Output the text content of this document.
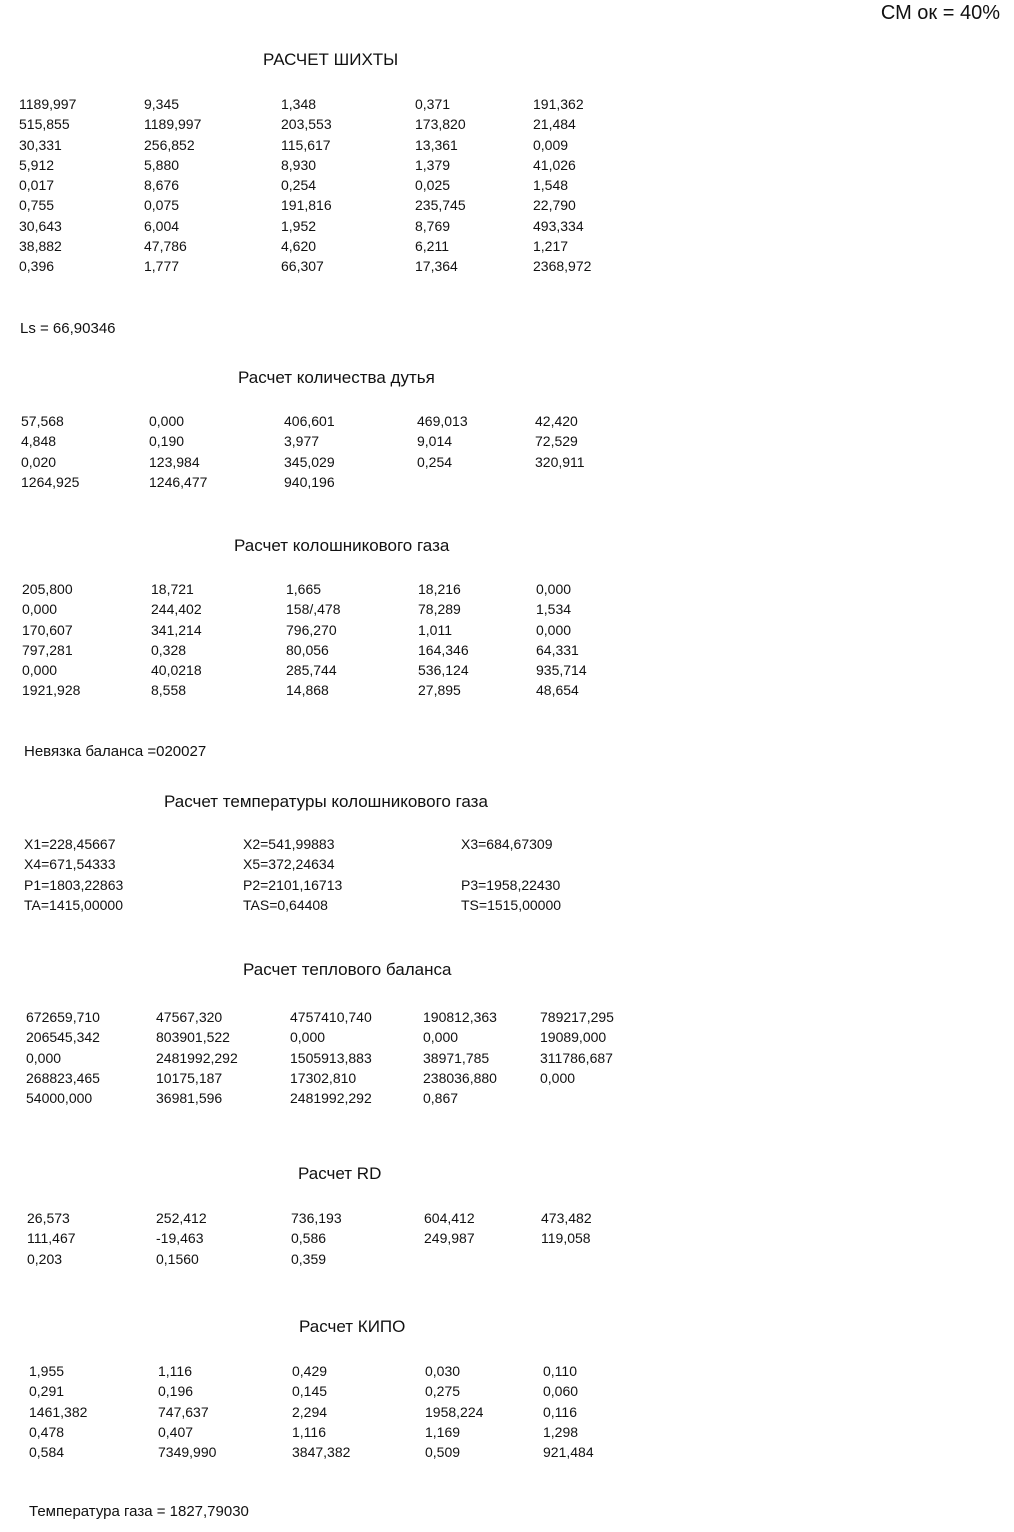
СМ ок = 40%
РАСЧЕТ ШИХТЫ
1189,997	9,345	1,348	0,371	191,362
515,855	1189,997	203,553	173,820	21,484
30,331	256,852	115,617	13,361	0,009
5,912	5,880	8,930	1,379	41,026
0,017	8,676	0,254	0,025	1,548
0,755	0,075	191,816	235,745	22,790
30,643	6,004	1,952	8,769	493,334
38,882	47,786	4,620	6,211	1,217
0,396	1,777	66,307	17,364	2368,972
Ls = 66,90346
Расчет количества дутья
57,568	0,000	406,601	469,013	42,420
4,848	0,190	3,977	9,014	72,529
0,020	123,984	345,029	0,254	320,911
1264,925	1246,477	940,196
Расчет колошникового газа
205,800	18,721	1,665	18,216	0,000
0,000	244,402	158/,478	78,289	1,534
170,607	341,214	796,270	1,011	0,000
797,281	0,328	80,056	164,346	64,331
0,000	40,0218	285,744	536,124	935,714
1921,928	8,558	14,868	27,895	48,654
Невязка баланса =020027
Расчет температуры колошникового газа
X1=228,45667	X2=541,99883	X3=684,67309
X4=671,54333	X5=372,24634
P1=1803,22863	P2=2101,16713	P3=1958,22430
TA=1415,00000	TAS=0,64408	TS=1515,00000
Расчет теплового баланса
672659,710	47567,320	4757410,740	190812,363	789217,295
206545,342	803901,522	0,000	0,000	19089,000
0,000	2481992,292	1505913,883	38971,785	311786,687
268823,465	10175,187	17302,810	238036,880	0,000
54000,000	36981,596	2481992,292	0,867
Расчет RD
26,573	252,412	736,193	604,412	473,482
111,467	-19,463	0,586	249,987	119,058
0,203	0,1560	0,359
Расчет КИПО
1,955	1,116	0,429	0,030	0,110
0,291	0,196	0,145	0,275	0,060
1461,382	747,637	2,294	1958,224	0,116
0,478	0,407	1,116	1,169	1,298
0,584	7349,990	3847,382	0,509	921,484
Температура газа = 1827,79030
